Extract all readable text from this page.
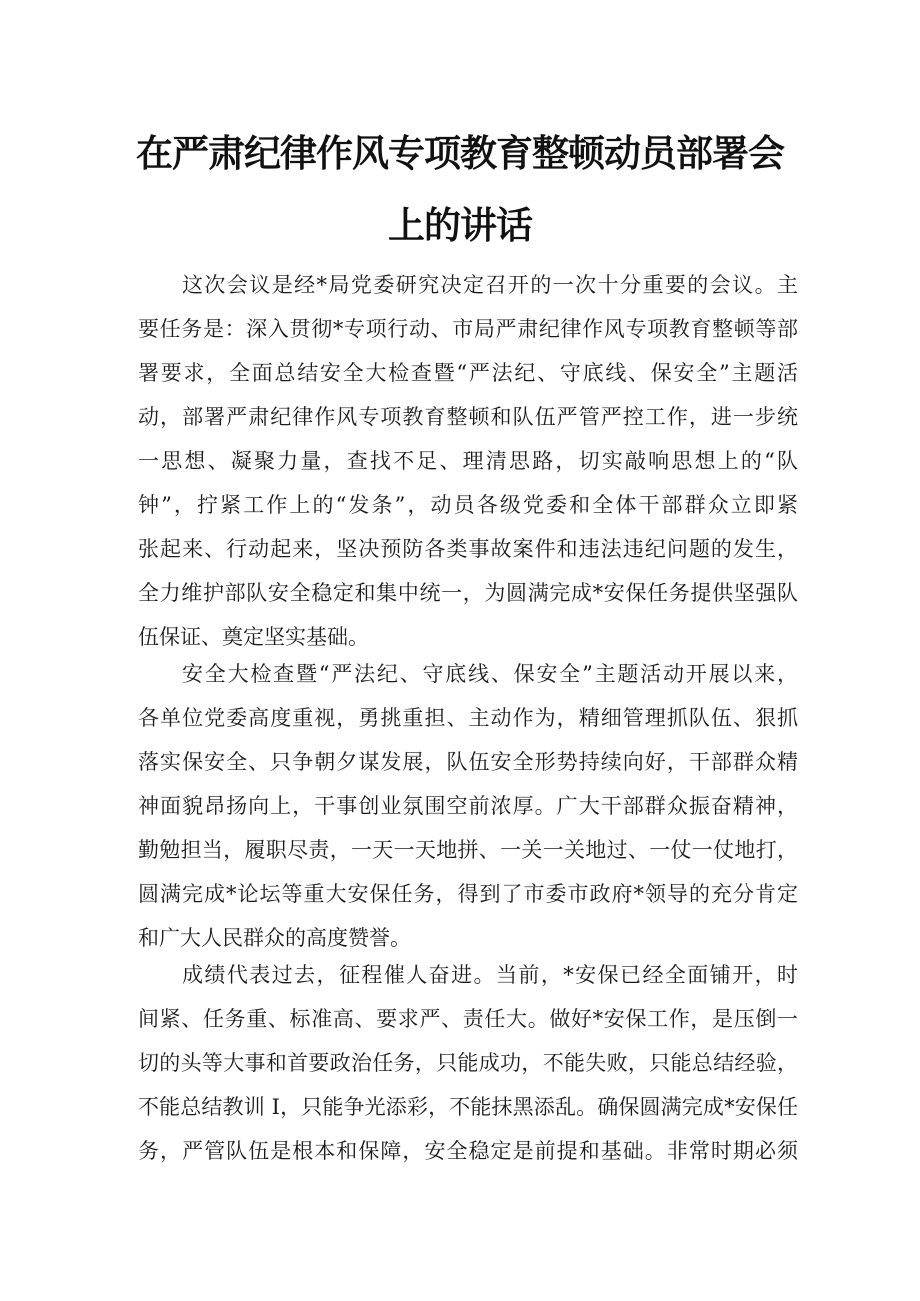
在严肃纪律作风专项教育整顿动员部署会
上的讲话
这次会议是经*局党委研究决定召开的一次十分重要的会议。主
要任务是：深入贯彻*专项行动、市局严肃纪律作风专项教育整顿等部
署要求，全面总结安全大检查暨“严法纪、守底线、保安全”主题活
动，部署严肃纪律作风专项教育整顿和队伍严管严控工作，进一步统
一思想、凝聚力量，查找不足、理清思路，切实敲响思想上的“队
钟”，拧紧工作上的“发条”，动员各级党委和全体干部群众立即紧
张起来、行动起来，坚决预防各类事故案件和违法违纪问题的发生，
全力维护部队安全稳定和集中统一，为圆满完成*安保任务提供坚强队
伍保证、奠定坚实基础。
安全大检查暨“严法纪、守底线、保安全”主题活动开展以来，
各单位党委高度重视，勇挑重担、主动作为，精细管理抓队伍、狠抓
落实保安全、只争朝夕谋发展，队伍安全形势持续向好，干部群众精
神面貌昂扬向上，干事创业氛围空前浓厚。广大干部群众振奋精神，
勤勉担当，履职尽责，一天一天地拼、一关一关地过、一仗一仗地打，
圆满完成*论坛等重大安保任务，得到了市委市政府*领导的充分肯定
和广大人民群众的高度赞誉。
成绩代表过去，征程催人奋进。当前，*安保已经全面铺开，时
间紧、任务重、标准高、要求严、责任大。做好*安保工作，是压倒一
切的头等大事和首要政治任务，只能成功，不能失败，只能总结经验，
不能总结教训 I，只能争光添彩，不能抹黑添乱。确保圆满完成*安保任
务，严管队伍是根本和保障，安全稳定是前提和基础。非常时期必须
